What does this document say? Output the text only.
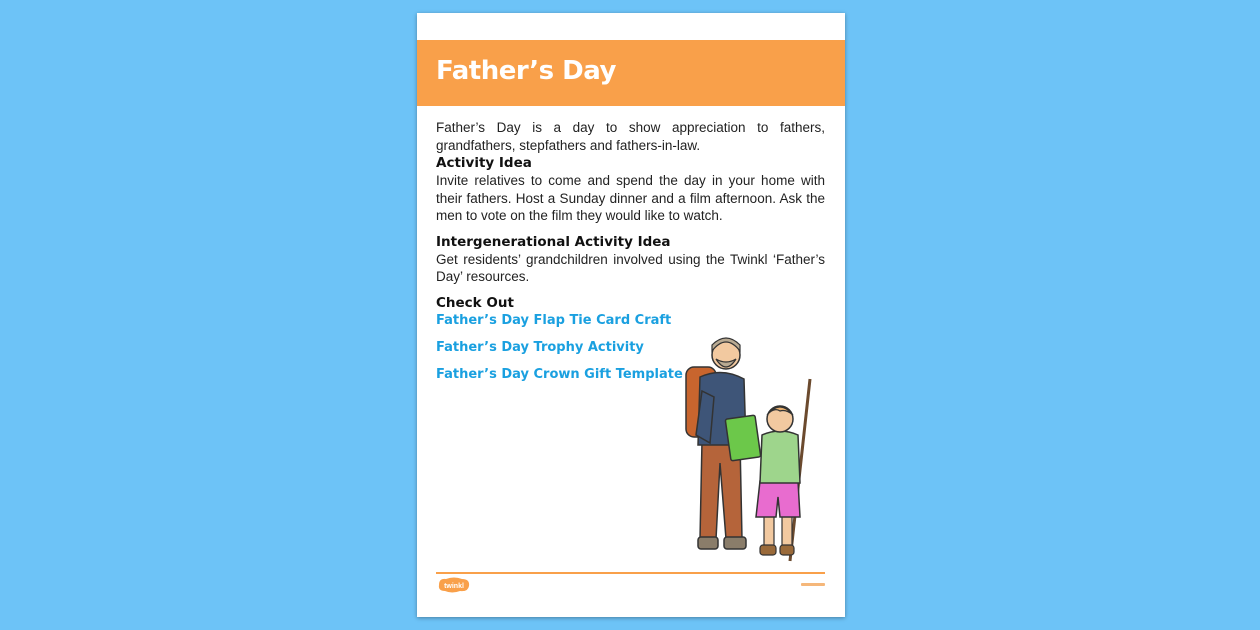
Father’s Day

Father’s Day is a day to show appreciation to fathers, grandfathers, stepfathers and fathers-in-law.

Activity Idea

Invite relatives to come and spend the day in your home with their fathers. Host a Sunday dinner and a film afternoon. Ask the men to vote on the film they would like to watch.

Intergenerational Activity Idea

Get residents’ grandchildren involved using the Twinkl ‘Father’s Day’ resources.

Check Out
Father’s Day Flap Tie Card Craft
Father’s Day Trophy Activity
Father’s Day Crown Gift Template
twinkl
